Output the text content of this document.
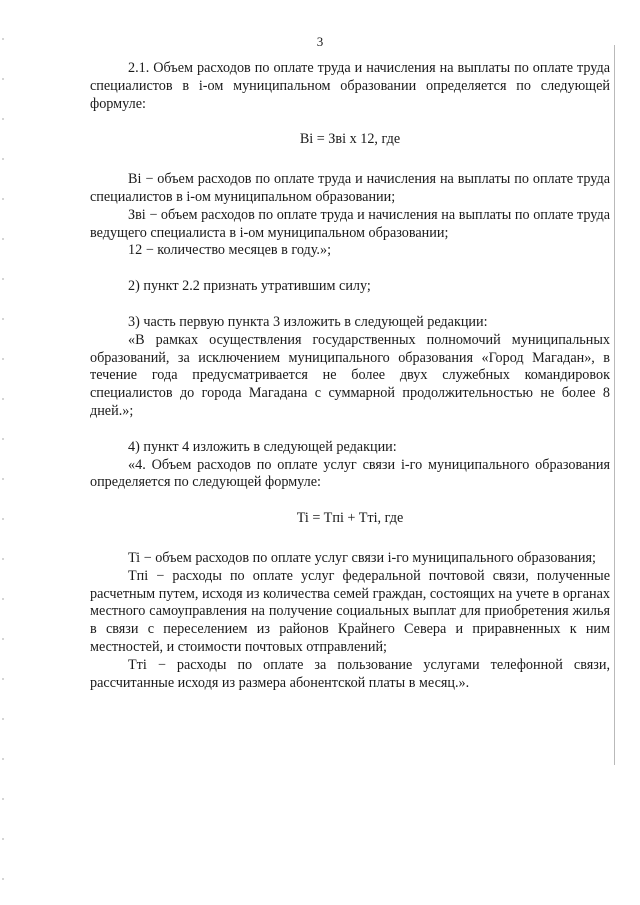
3

2.1. Объем расходов по оплате труда и начисления на выплаты по оплате труда специалистов в i-ом муниципальном образовании определяется по следующей формуле:

Bi = Звi x 12, где

Bi − объем расходов по оплате труда и начисления на выплаты по оплате труда специалистов в i-ом муниципальном образовании;

Звi − объем расходов по оплате труда и начисления на выплаты по оплате труда ведущего специалиста в i-ом муниципальном образовании;

12 − количество месяцев в году.»;

2) пункт 2.2 признать утратившим силу;

3) часть первую пункта 3 изложить в следующей редакции:

«В рамках осуществления государственных полномочий муниципальных образований, за исключением муниципального образования «Город Магадан», в течение года предусматривается не более двух служебных командировок специалистов до города Магадана с суммарной продолжительностью не более 8 дней.»;

4) пункт 4 изложить в следующей редакции:

«4. Объем расходов по оплате услуг связи i-го муниципального образования определяется по следующей формуле:

Ti = Tпi + Tтi, где

Ti − объем расходов по оплате услуг связи i-го муниципального образования;

Tпi − расходы по оплате услуг федеральной почтовой связи, полученные расчетным путем, исходя из количества семей граждан, состоящих на учете в органах местного самоуправления на получение социальных выплат для приобретения жилья в связи с переселением из районов Крайнего Севера и приравненных к ним местностей, и стоимости почтовых отправлений;

Tтi − расходы по оплате за пользование услугами телефонной связи, рассчитанные исходя из размера абонентской платы в месяц.».
